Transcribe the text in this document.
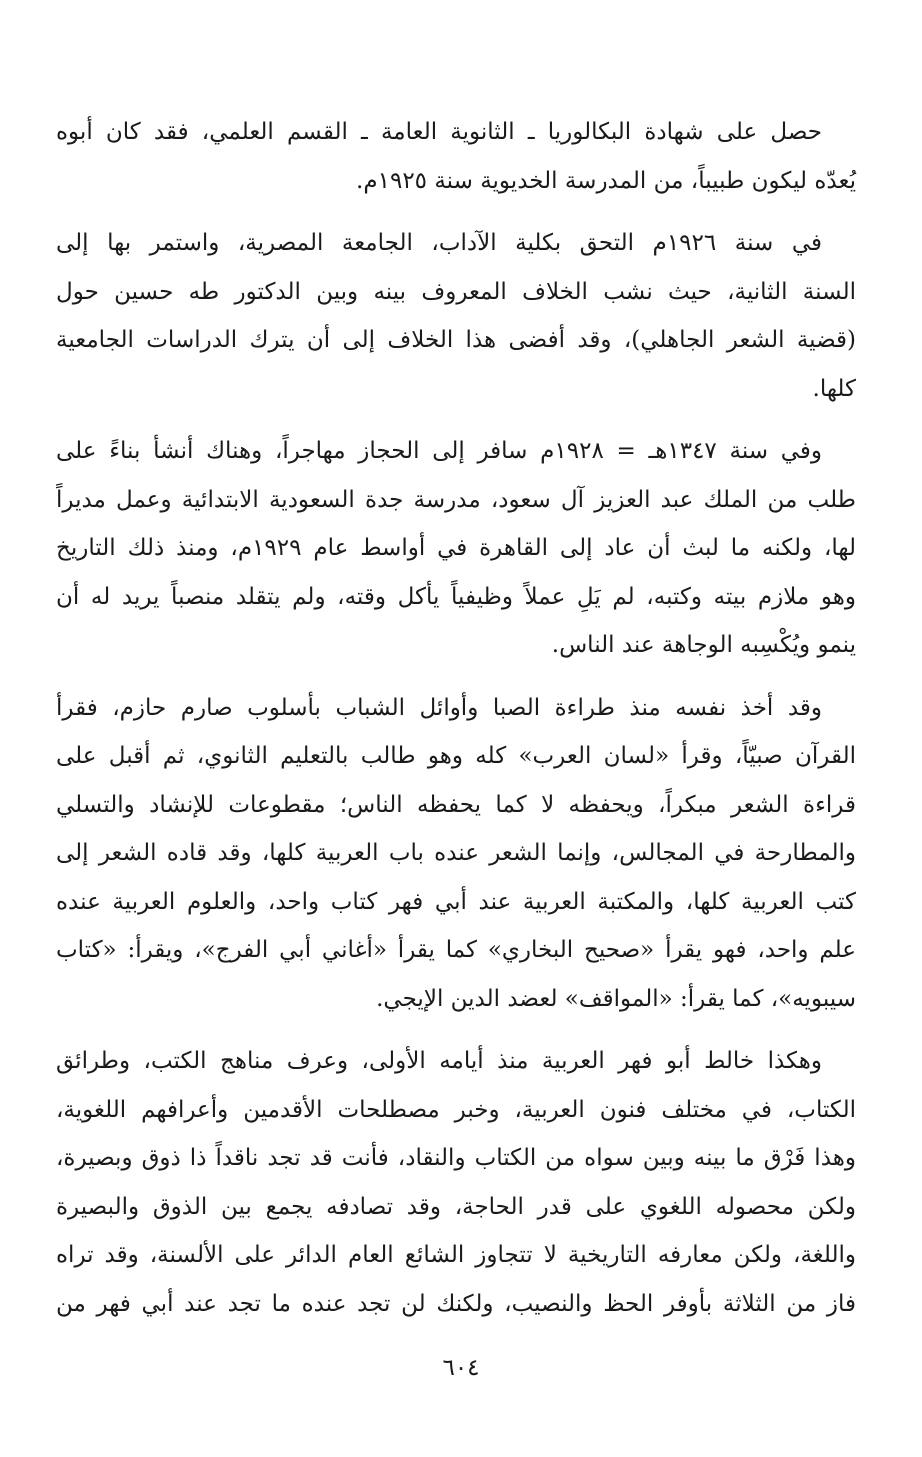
حصل على شهادة البكالوريا ـ الثانوية العامة ـ القسم العلمي، فقد كان أبوه
يُعدّه ليكون طبيباً، من المدرسة الخديوية سنة ١٩٢٥م.

في سنة ١٩٢٦م التحق بكلية الآداب، الجامعة المصرية، واستمر بها إلى
السنة الثانية، حيث نشب الخلاف المعروف بينه وبين الدكتور طه حسين حول
(قضية الشعر الجاهلي)، وقد أفضى هذا الخلاف إلى أن يترك الدراسات الجامعية
كلها.

وفي سنة ١٣٤٧هـ = ١٩٢٨م سافر إلى الحجاز مهاجراً، وهناك أنشأ بناءً على
طلب من الملك عبد العزيز آل سعود، مدرسة جدة السعودية الابتدائية وعمل مديراً
لها، ولكنه ما لبث أن عاد إلى القاهرة في أواسط عام ١٩٢٩م، ومنذ ذلك التاريخ
وهو ملازم بيته وكتبه، لم يَلِ عملاً وظيفياً يأكل وقته، ولم يتقلد منصباً يريد له أن
ينمو ويُكْسِبه الوجاهة عند الناس.

وقد أخذ نفسه منذ طراءة الصبا وأوائل الشباب بأسلوب صارم حازم، فقرأ
القرآن صبيّاً، وقرأ «لسان العرب» كله وهو طالب بالتعليم الثانوي، ثم أقبل على
قراءة الشعر مبكراً، ويحفظه لا كما يحفظه الناس؛ مقطوعات للإنشاد والتسلي
والمطارحة في المجالس، وإنما الشعر عنده باب العربية كلها، وقد قاده الشعر إلى
كتب العربية كلها، والمكتبة العربية عند أبي فهر كتاب واحد، والعلوم العربية عنده
علم واحد، فهو يقرأ «صحيح البخاري» كما يقرأ «أغاني أبي الفرج»، ويقرأ: «كتاب
سيبويه»، كما يقرأ: «المواقف» لعضد الدين الإيجي.

وهكذا خالط أبو فهر العربية منذ أيامه الأولى، وعرف مناهج الكتب، وطرائق
الكتاب، في مختلف فنون العربية، وخبر مصطلحات الأقدمين وأعرافهم اللغوية،
وهذا فَرْق ما بينه وبين سواه من الكتاب والنقاد، فأنت قد تجد ناقداً ذا ذوق وبصيرة،
ولكن محصوله اللغوي على قدر الحاجة، وقد تصادفه يجمع بين الذوق والبصيرة
واللغة، ولكن معارفه التاريخية لا تتجاوز الشائع العام الدائر على الألسنة، وقد تراه
فاز من الثلاثة بأوفر الحظ والنصيب، ولكنك لن تجد عنده ما تجد عند أبي فهر من

٦٠٤
